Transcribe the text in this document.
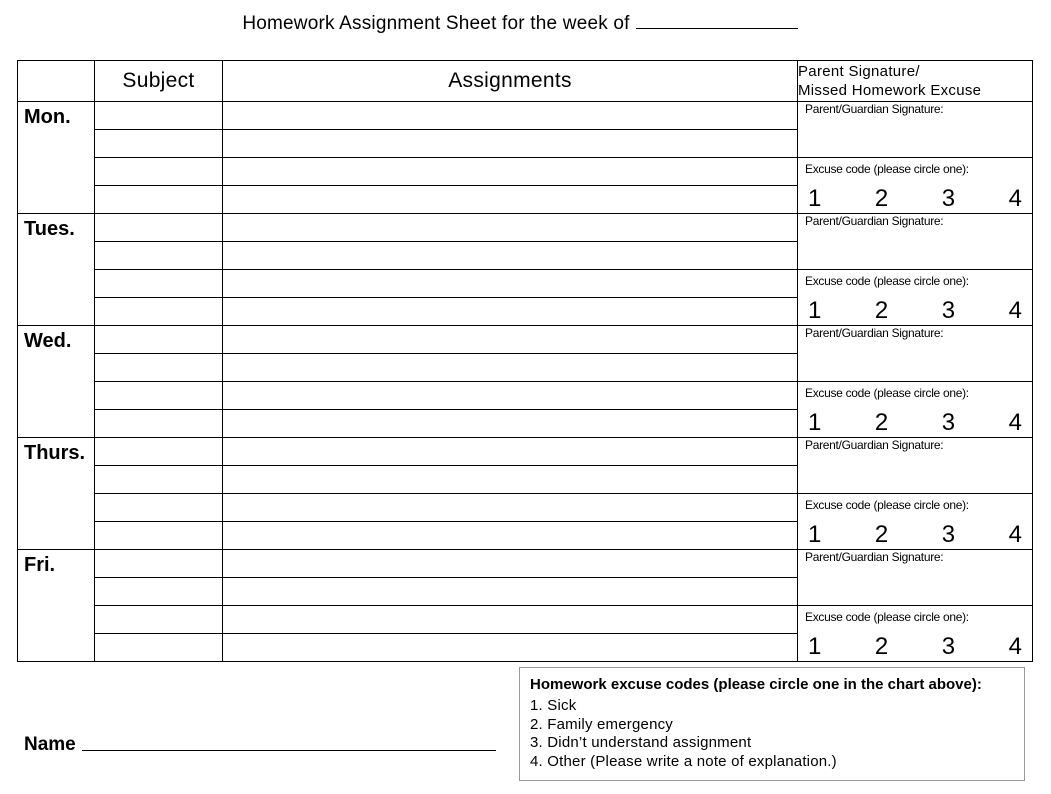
Homework Assignment Sheet for the week of
	Subject	Assignments	Parent Signature/
Missed Homework Excuse

Mon.			Parent/Guardian Signature:

			Excuse code (please circle one):
1 2 3 4

Tues.			Parent/Guardian Signature:

			Excuse code (please circle one):
1 2 3 4

Wed.			Parent/Guardian Signature:

			Excuse code (please circle one):
1 2 3 4

Thurs.			Parent/Guardian Signature:

			Excuse code (please circle one):
1 2 3 4

Fri.			Parent/Guardian Signature:

			Excuse code (please circle one):
1 2 3 4

Name
Homework excuse codes (please circle one in the chart above):
1. Sick
2. Family emergency
3. Didn’t understand assignment
4. Other (Please write a note of explanation.)
